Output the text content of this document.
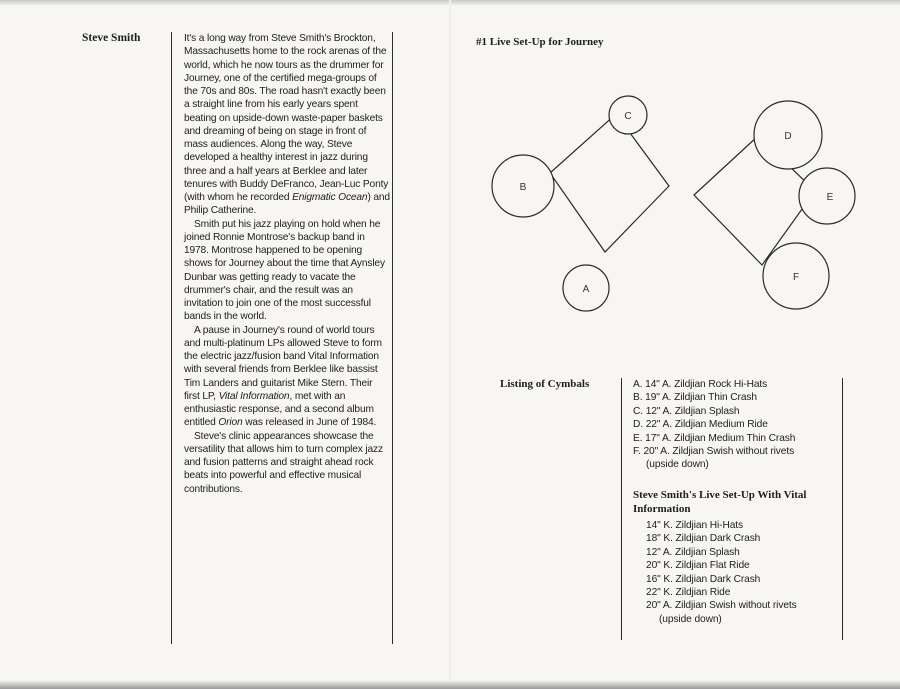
Steve Smith	It's a long way from Steve Smith's Brockton, Massachusetts home to the rock arenas of the world, which he now tours as the drummer for Journey, one of the certified mega-groups of the 70s and 80s. The road hasn't exactly been a straight line from his early years spent beating on upside-down waste-paper baskets and dreaming of being on stage in front of mass audiences. Along the way, Steve developed a healthy interest in jazz during three and a half years at Berklee and later tenures with Buddy DeFranco, Jean-Luc Ponty (with whom he recorded Enigmatic Ocean) and Philip Catherine.

Smith put his jazz playing on hold when he joined Ronnie Montrose's backup band in 1978. Montrose happened to be opening shows for Journey about the time that Aynsley Dunbar was getting ready to vacate the drummer's chair, and the result was an invitation to join one of the most successful bands in the world.

A pause in Journey's round of world tours and multi-platinum LPs allowed Steve to form the electric jazz/fusion band Vital Information with several friends from Berklee like bassist Tim Landers and guitarist Mike Stern. Their first LP, Vital Information, met with an enthusiastic response, and a second album entitled Orion was released in June of 1984.

Steve's clinic appearances showcase the versatility that allows him to turn complex jazz and fusion patterns and straight ahead rock beats into powerful and effective musical contributions.

#1 Live Set-Up for Journey
B
C
A
D
E
F
Listing of Cymbals	A. 14" A. Zildjian Rock Hi-Hats
B. 19" A. Zildjian Thin Crash
C. 12" A. Zildjian Splash
D. 22" A. Zildjian Medium Ride
E. 17" A. Zildjian Medium Thin Crash
F. 20" A. Zildjian Swish without rivets
(upside down)
Steve Smith's Live Set-Up With Vital Information
14" K. Zildjian Hi-Hats
18" K. Zildjian Dark Crash
12" A. Zildjian Splash
20" K. Zildjian Flat Ride
16" K. Zildjian Dark Crash
22" K. Zildjian Ride
20" A. Zildjian Swish without rivets
(upside down)
